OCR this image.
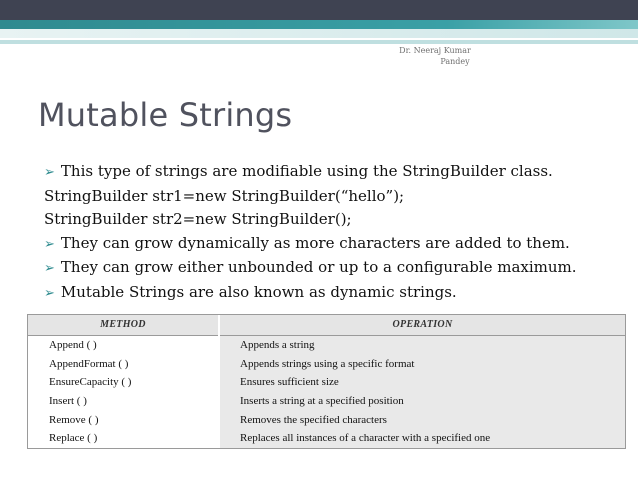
Dr. Neeraj Kumar
Pandey
Mutable Strings
➢ This type of strings are modifiable using the StringBuilder class.
StringBuilder str1=new StringBuilder(“hello”);
StringBuilder str2=new StringBuilder();
➢ They can grow dynamically as more characters are added to them.
➢ They can grow either unbounded or up to a configurable maximum.
➢ Mutable Strings are also known as dynamic strings.
METHOD	OPERATION
Append ( )	Appends a string
AppendFormat ( )	Appends strings using a specific format
EnsureCapacity ( )	Ensures sufficient size
Insert ( )	Inserts a string at a specified position
Remove ( )	Removes the specified characters
Replace ( )	Replaces all instances of a character with a specified one
